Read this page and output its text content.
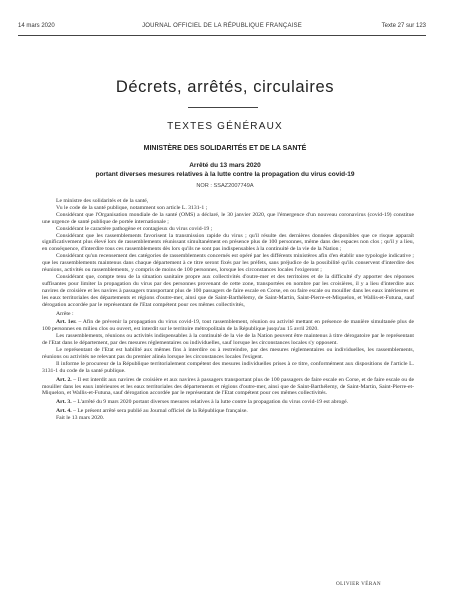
14 mars 2020	JOURNAL OFFICIEL DE LA RÉPUBLIQUE FRANÇAISE	Texte 27 sur 123
Décrets, arrêtés, circulaires
TEXTES GÉNÉRAUX
MINISTÈRE DES SOLIDARITÉS ET DE LA SANTÉ
Arrêté du 13 mars 2020
portant diverses mesures relatives à la lutte contre la propagation du virus covid-19
NOR : SSAZ2007749A

Le ministre des solidarités et de la santé,

Vu le code de la santé publique, notamment son article L. 3131-1 ;

Considérant que l'Organisation mondiale de la santé (OMS) a déclaré, le 30 janvier 2020, que l'émergence d'un nouveau coronavirus (covid-19) constitue une urgence de santé publique de portée internationale ;

Considérant le caractère pathogène et contagieux du virus covid-19 ;

Considérant que les rassemblements favorisent la transmission rapide du virus ; qu'il résulte des dernières données disponibles que ce risque apparaît significativement plus élevé lors de rassemblements réunissant simultanément en présence plus de 100 personnes, même dans des espaces non clos ; qu'il y a lieu, en conséquence, d'interdire tous ces rassemblements dès lors qu'ils ne sont pas indispensables à la continuité de la vie de la Nation ;

Considérant qu'un recensement des catégories de rassemblements concernés est opéré par les différents ministères afin d'en établir une typologie indicative ; que les rassemblements maintenus dans chaque département à ce titre seront fixés par les préfets, sans préjudice de la possibilité qu'ils conservent d'interdire des réunions, activités ou rassemblements, y compris de moins de 100 personnes, lorsque les circonstances locales l'exigeront ;

Considérant que, compte tenu de la situation sanitaire propre aux collectivités d'outre-mer et des territoires et de la difficulté d'y apporter des réponses suffisantes pour limiter la propagation du virus par des personnes provenant de cette zone, transportées en nombre par les croisières, il y a lieu d'interdire aux navires de croisière et les navires à passagers transportant plus de 100 passagers de faire escale en Corse, en ou faire escale ou mouiller dans les eaux intérieures et les eaux territoriales des départements et régions d'outre-mer, ainsi que de Saint-Barthélemy, de Saint-Martin, Saint-Pierre-et-Miquelon, et Wallis-et-Futuna, sauf dérogation accordée par le représentant de l'Etat compétent pour ces mêmes collectivités,

Arrête :

Art. 1er. – Afin de prévenir la propagation du virus covid-19, tout rassemblement, réunion ou activité mettant en présence de manière simultanée plus de 100 personnes en milieu clos ou ouvert, est interdit sur le territoire métropolitain de la République jusqu'au 15 avril 2020.

Les rassemblements, réunions ou activités indispensables à la continuité de la vie de la Nation peuvent être maintenus à titre dérogatoire par le représentant de l'Etat dans le département, par des mesures réglementaires ou individuelles, sauf lorsque les circonstances locales s'y opposent.

Le représentant de l'Etat est habilité aux mêmes fins à interdire ou à restreindre, par des mesures réglementaires ou individuelles, les rassemblements, réunions ou activités ne relevant pas du premier alinéa lorsque les circonstances locales l'exigent.

Il informe le procureur de la République territorialement compétent des mesures individuelles prises à ce titre, conformément aux dispositions de l'article L. 3131-1 du code de la santé publique.

Art. 2. – Il est interdit aux navires de croisière et aux navires à passagers transportant plus de 100 passagers de faire escale en Corse, et de faire escale ou de mouiller dans les eaux intérieures et les eaux territoriales des départements et régions d'outre-mer, ainsi que de Saint-Barthélemy, de Saint-Martin, Saint-Pierre-et-Miquelon, et Wallis-et-Futuna, sauf dérogation accordée par le représentant de l'Etat compétent pour ces mêmes collectivités.

Art. 3. – L'arrêté du 9 mars 2020 portant diverses mesures relatives à la lutte contre la propagation du virus covid-19 est abrogé.

Art. 4. – Le présent arrêté sera publié au Journal officiel de la République française.

Fait le 13 mars 2020.

OLIVIER VÉRAN
